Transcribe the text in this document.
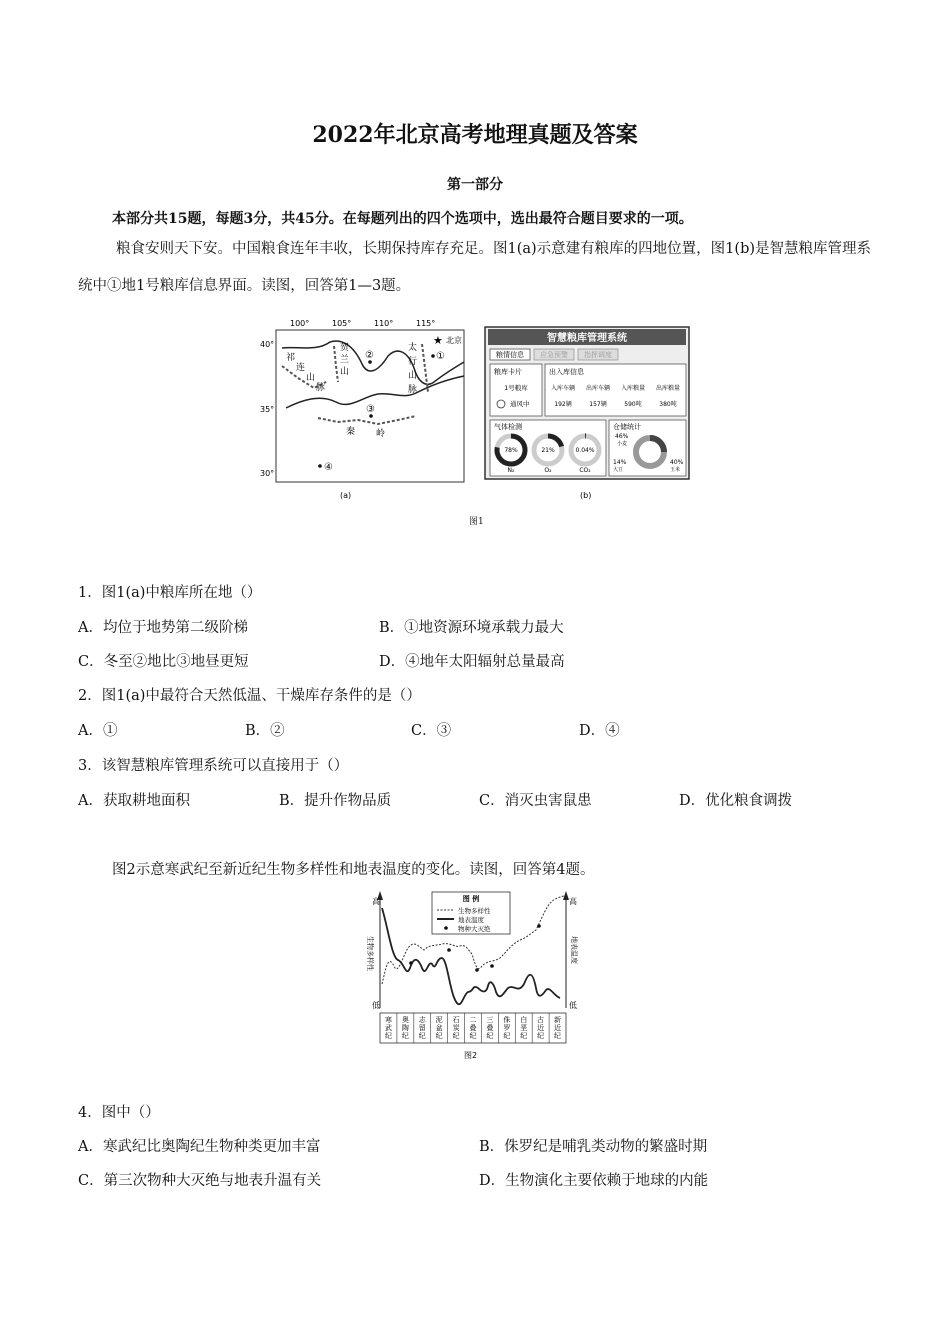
2022年北京高考地理真题及答案
第一部分
本部分共15题，每题3分，共45分。在每题列出的四个选项中，选出最符合题目要求的一项。
粮食安则天下安。中国粮食连年丰收，长期保持库存充足。图1(a)示意建有粮库的四地位置，图1(b)是智慧粮库管理系统中①地1号粮库信息界面。读图，回答第1—3题。
100°	105°	110°	115°
40°
35°
30°
祁
连
山
脉
贺
兰
山
太
行
山
脉
秦 岭
★ 北京
①
②
③
④
(a)
智慧粮库管理系统
粮情信息 应急预警 指挥调度
粮库卡片
1号粮库
通风中
出入库信息
入库车辆 出库车辆 入库粮量 出库粮量
192辆	157辆	590吨	380吨
气体检测
78%
N₂
21%
O₂
0.04%
CO₂
仓储统计
46%
小麦
14%
大豆
40%
玉米
(b)
图1
1．图1(a)中粮库所在地（）
A．均位于地势第二级阶梯	B．①地资源环境承载力最大
C．冬至②地比③地昼更短	D．④地年太阳辐射总量最高
2．图1(a)中最符合天然低温、干燥库存条件的是（）
A．①	B．②	C．③	D．④
3．该智慧粮库管理系统可以直接用于（）
A．获取耕地面积	B．提升作物品质	C．消灭虫害鼠患	D．优化粮食调拨
图2示意寒武纪至新近纪生物多样性和地表温度的变化。读图，回答第4题。
高
低
高
低
生物多样性	地表温度
图 例
生物多样性
地表温度
物种大灭绝
寒武纪
奥陶纪
志留纪
泥盆纪
石炭纪
二叠纪
三叠纪
侏罗纪
白垩纪
古近纪
新近纪
图2
4．图中（）
A．寒武纪比奥陶纪生物种类更加丰富	B．侏罗纪是哺乳类动物的繁盛时期
C．第三次物种大灭绝与地表升温有关	D．生物演化主要依赖于地球的内能
